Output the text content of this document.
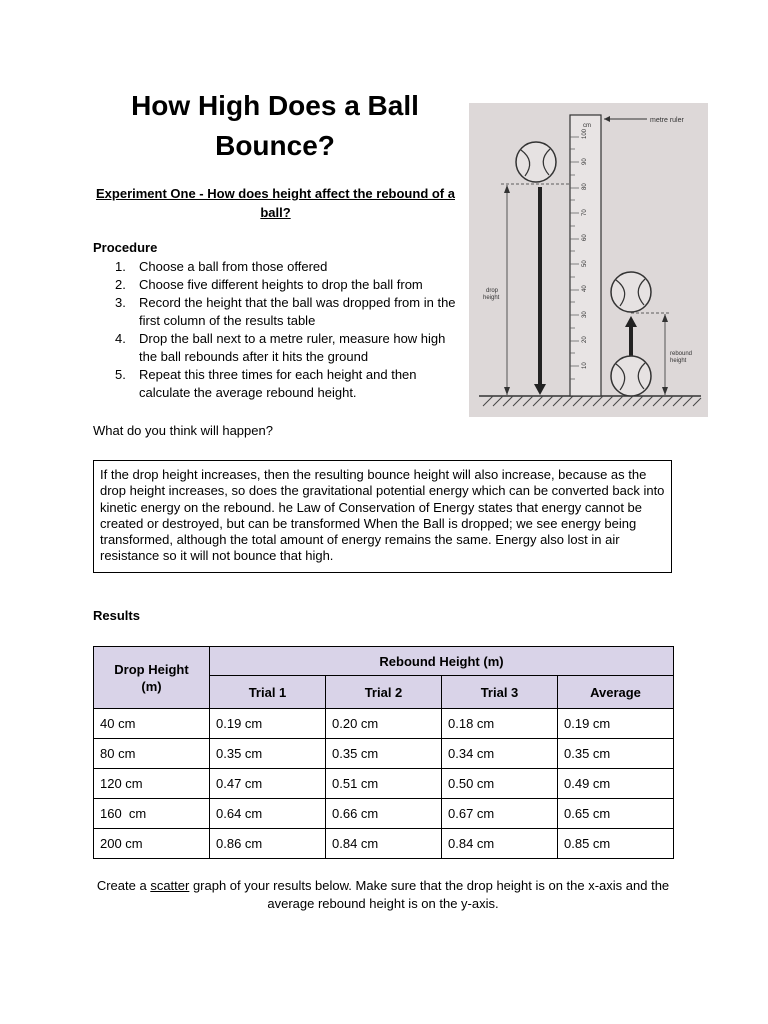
How High Does a Ball Bounce?

Experiment One - How does height affect the rebound of a ball?

Procedure

1. Choose a ball from those offered
2. Choose five different heights to drop the ball from
3. Record the height that the ball was dropped from in the first column of the results table
4. Drop the ball next to a metre ruler, measure how high the ball rebounds after it hits the ground
5. Repeat this three times for each height and then calculate the average rebound height.

What do you think will happen?

If the drop height increases, then the resulting bounce height will also increase, because as the drop height increases, so does the gravitational potential energy which can be converted back into kinetic energy on the rebound. he Law of Conservation of Energy states that energy cannot be created or destroyed, but can be transformed When the Ball is dropped; we see energy being transformed, although the total amount of energy remains the same. Energy also lost in air resistance so it will not bounce that high.

Results

Drop Height (m)	Rebound Height (m)			
	Trial 1	Trial 2	Trial 3	Average
40 cm	0.19 cm	0.20 cm	0.18 cm	0.19 cm
80 cm	0.35 cm	0.35 cm	0.34 cm	0.35 cm
120 cm	0.47 cm	0.51 cm	0.50 cm	0.49 cm
160  cm	0.64 cm	0.66 cm	0.67 cm	0.65 cm
200 cm	0.86 cm	0.84 cm	0.84 cm	0.85 cm

Create a scatter graph of your results below. Make sure that the drop height is on the x-axis and the average rebound height is on the y-axis.

cm
100
90
80
70
60
50
40
30
20
10
metre ruler
drop
height
rebound
height
